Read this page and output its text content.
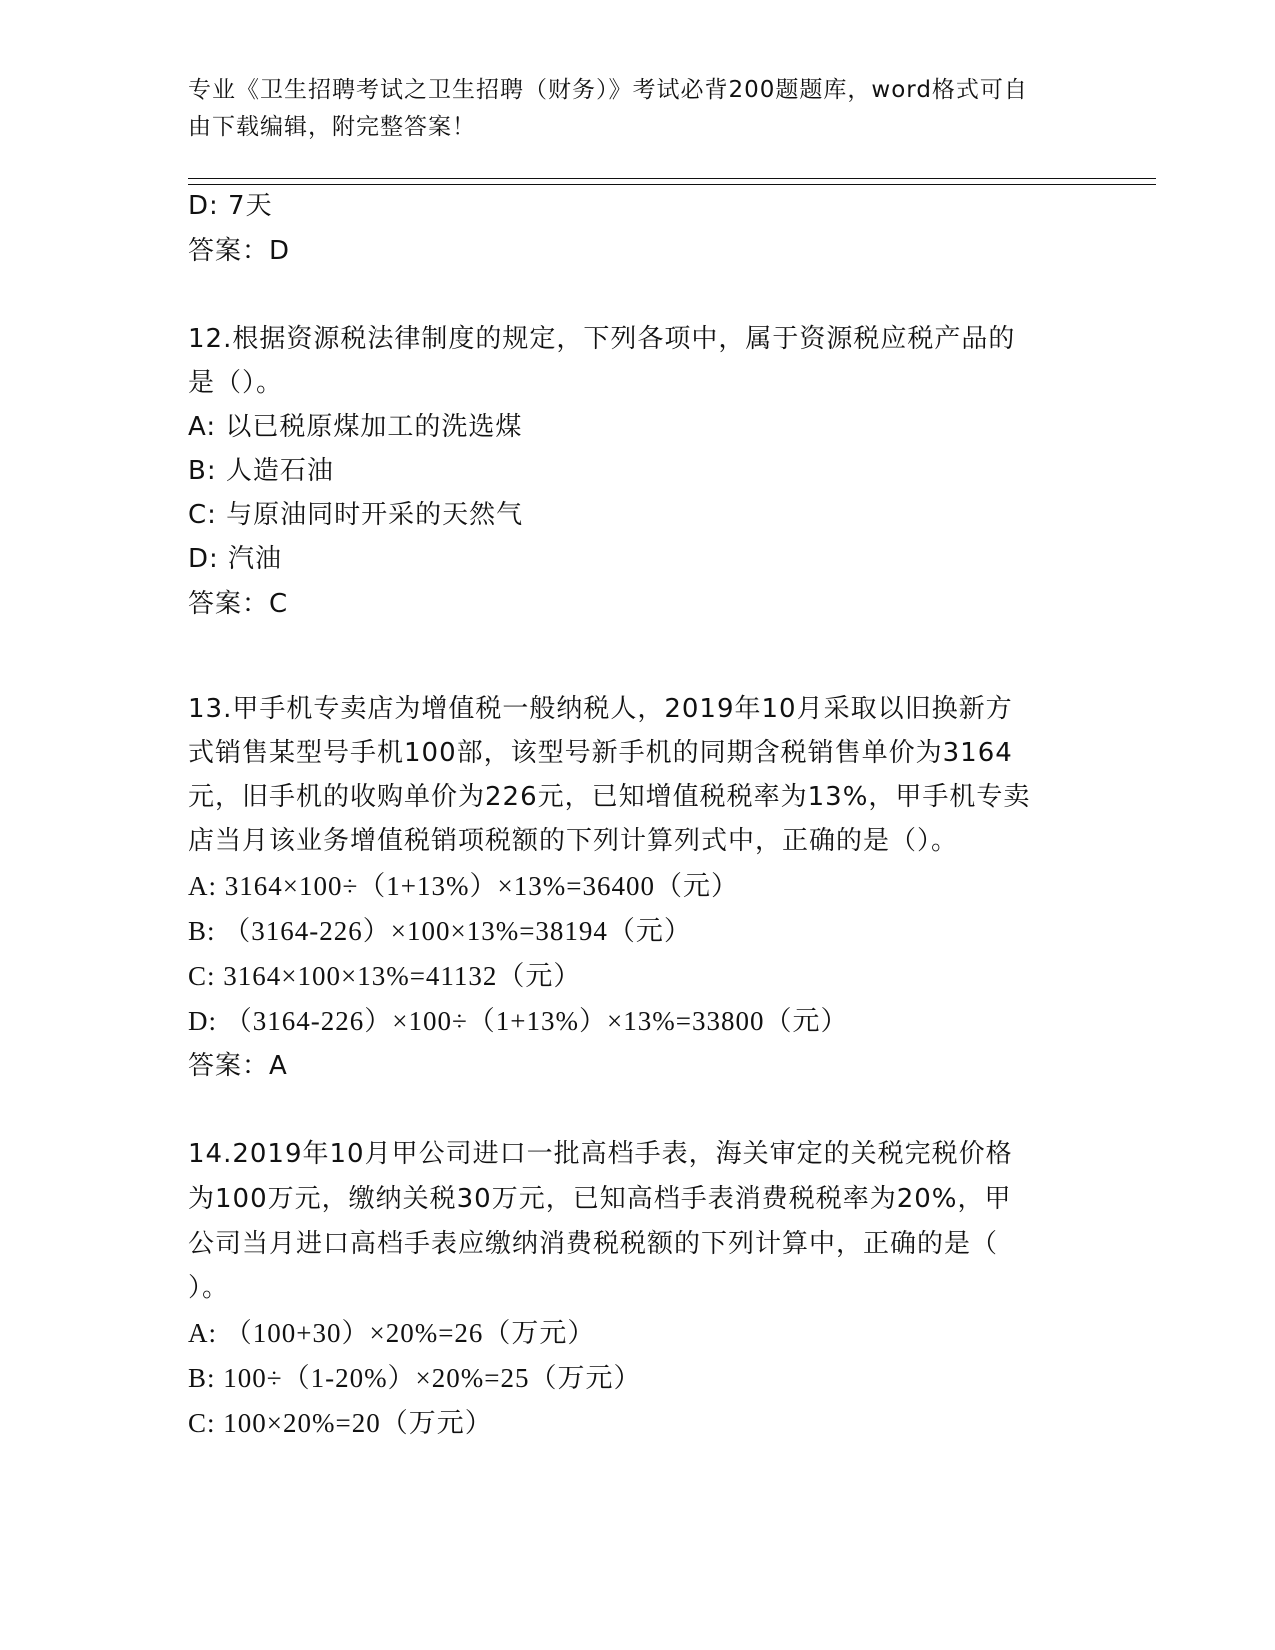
专业《卫生招聘考试之卫生招聘（财务）》考试必背200题题库，word格式可自
由下载编辑，附完整答案！
D: 7天
答案：D
12.根据资源税法律制度的规定，下列各项中，属于资源税应税产品的
是（）。
A: 以已税原煤加工的洗选煤
B: 人造石油
C: 与原油同时开采的天然气
D: 汽油
答案：C
13.甲手机专卖店为增值税一般纳税人，2019年10月采取以旧换新方
式销售某型号手机100部，该型号新手机的同期含税销售单价为3164
元，旧手机的收购单价为226元，已知增值税税率为13%，甲手机专卖
店当月该业务增值税销项税额的下列计算列式中，正确的是（）。
A: 3164×100÷（1+13%）×13%=36400（元）
B: （3164-226）×100×13%=38194（元）
C: 3164×100×13%=41132（元）
D: （3164-226）×100÷（1+13%）×13%=33800（元）
答案：A
14.2019年10月甲公司进口一批高档手表，海关审定的关税完税价格
为100万元，缴纳关税30万元，已知高档手表消费税税率为20%，甲
公司当月进口高档手表应缴纳消费税税额的下列计算中，正确的是（
）。
A: （100+30）×20%=26（万元）
B: 100÷（1-20%）×20%=25（万元）
C: 100×20%=20（万元）
